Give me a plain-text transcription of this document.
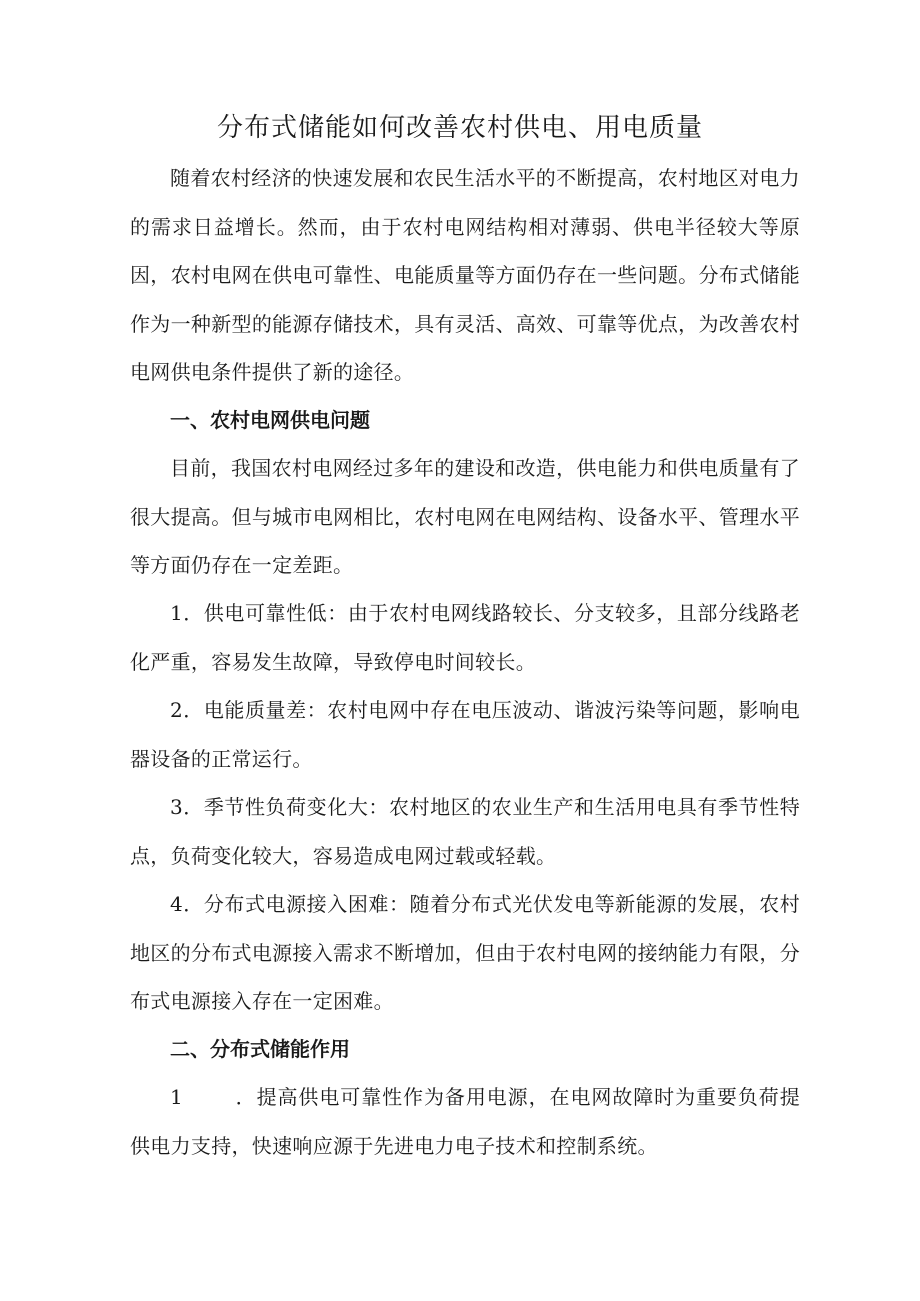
分布式储能如何改善农村供电、用电质量

随着农村经济的快速发展和农民生活水平的不断提高，农村地区对电力的需求日益增长。然而，由于农村电网结构相对薄弱、供电半径较大等原因，农村电网在供电可靠性、电能质量等方面仍存在一些问题。分布式储能作为一种新型的能源存储技术，具有灵活、高效、可靠等优点，为改善农村电网供电条件提供了新的途径。

一、农村电网供电问题

目前，我国农村电网经过多年的建设和改造，供电能力和供电质量有了很大提高。但与城市电网相比，农村电网在电网结构、设备水平、管理水平等方面仍存在一定差距。

1．供电可靠性低：由于农村电网线路较长、分支较多，且部分线路老化严重，容易发生故障，导致停电时间较长。

2．电能质量差：农村电网中存在电压波动、谐波污染等问题，影响电器设备的正常运行。

3．季节性负荷变化大：农村地区的农业生产和生活用电具有季节性特点，负荷变化较大，容易造成电网过载或轻载。

4．分布式电源接入困难：随着分布式光伏发电等新能源的发展，农村地区的分布式电源接入需求不断增加，但由于农村电网的接纳能力有限，分布式电源接入存在一定困难。

二、分布式储能作用

1	．提高供电可靠性作为备用电源，在电网故障时为重要负荷提供电力支持，快速响应源于先进电力电子技术和控制系统。
